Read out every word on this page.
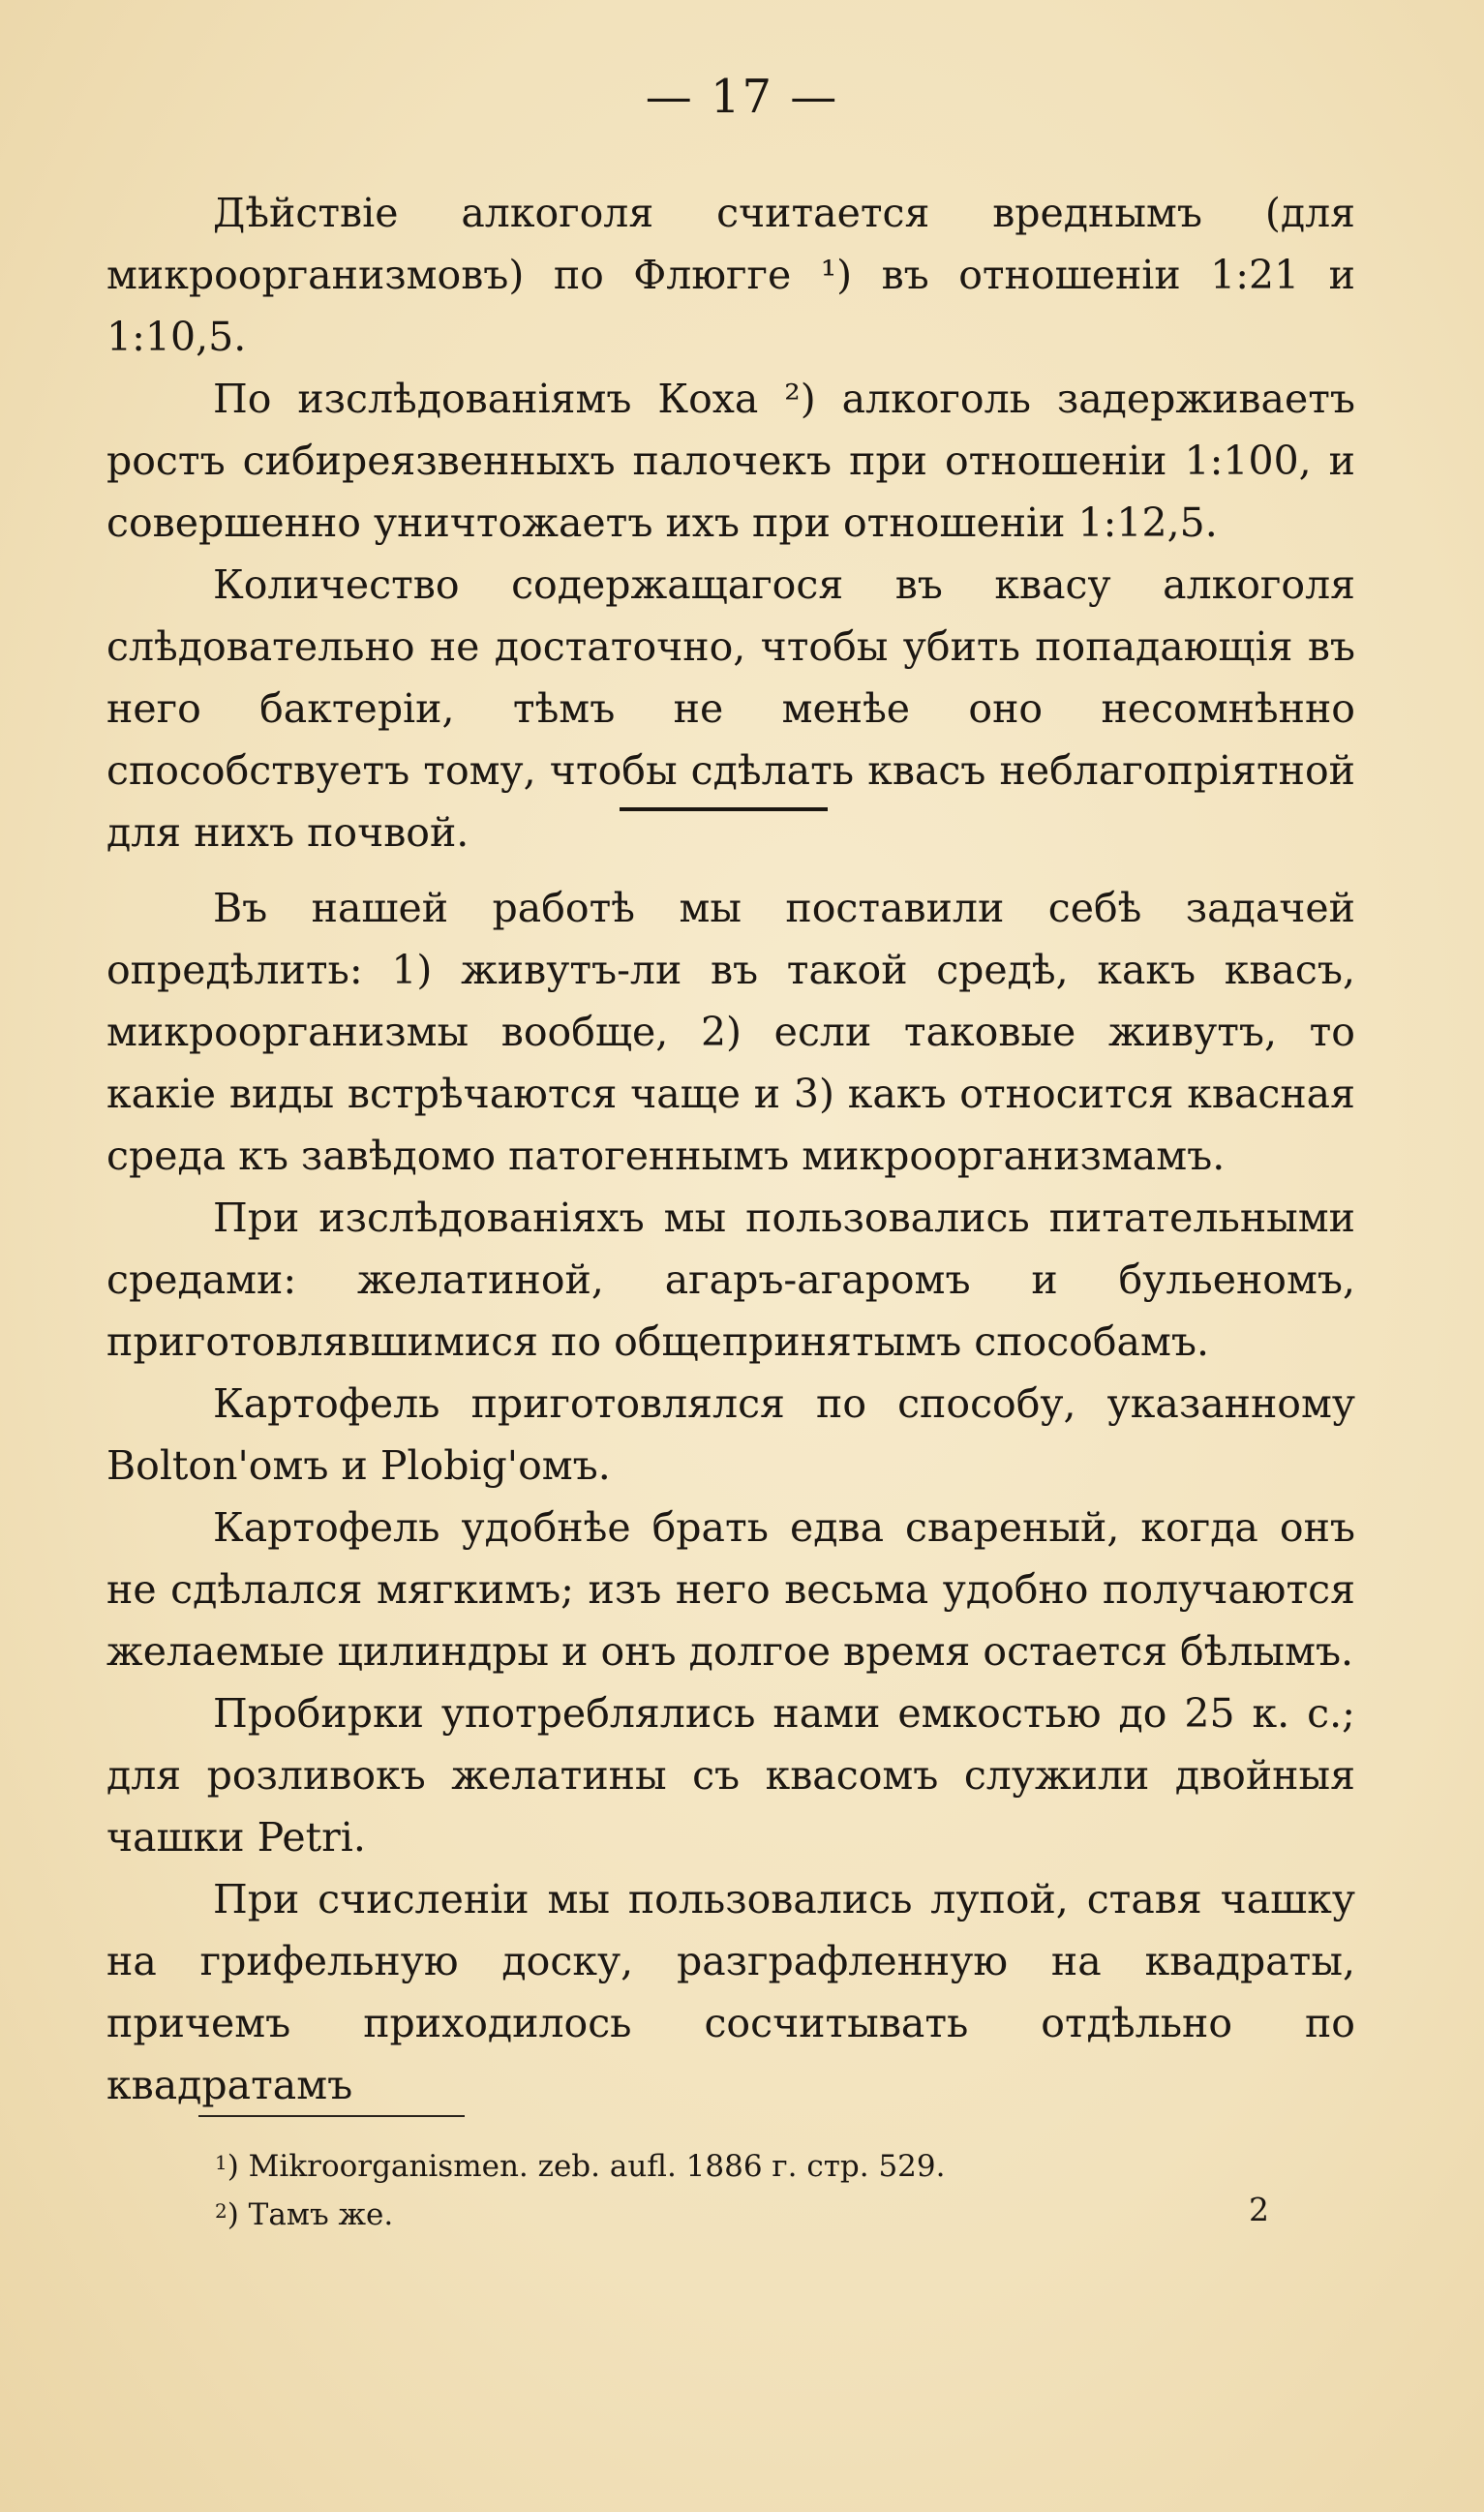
— 17 —

Дѣйствіе алкоголя считается вреднымъ (для микроорганизмовъ) по Флюгге ¹) въ отношеніи 1:21 и 1:10,5.

По изслѣдованіямъ Коха ²) алкоголь задерживаетъ ростъ сибиреязвенныхъ палочекъ при отношеніи 1:100, и совершенно уничтожаетъ ихъ при отношеніи 1:12,5.

Количество содержащагося въ квасу алкоголя слѣдовательно не достаточно, чтобы убить попадающія въ него бактеріи, тѣмъ не менѣе оно несомнѣнно способствуетъ тому, чтобы сдѣлать квасъ неблагопріятной для нихъ почвой.

Въ нашей работѣ мы поставили себѣ задачей опредѣлить: 1) живутъ-ли въ такой средѣ, какъ квасъ, микроорганизмы вообще, 2) если таковые живутъ, то какіе виды встрѣчаются чаще и 3) какъ относится квасная среда къ завѣдомо патогеннымъ микроорганизмамъ.

При изслѣдованіяхъ мы пользовались питательными средами: желатиной, агаръ-агаромъ и бульеномъ, приготовлявшимися по общепринятымъ способамъ.

Картофель приготовлялся по способу, указанному Bolton'омъ и Plobig'омъ.

Картофель удобнѣе брать едва свареный, когда онъ не сдѣлался мягкимъ; изъ него весьма удобно получаются желаемые цилиндры и онъ долгое время остается бѣлымъ.

Пробирки употреблялись нами емкостью до 25 к. с.; для розливокъ желатины съ квасомъ служили двойныя чашки Petri.

При счисленіи мы пользовались лупой, ставя чашку на грифельную доску, разграфленную на квадраты, причемъ приходилось сосчитывать отдѣльно по квадратамъ

$^1$) Mikroorganismen. zeb. aufl. 1886 г. стр. 529.

$^2$) Тамъ же.	2
